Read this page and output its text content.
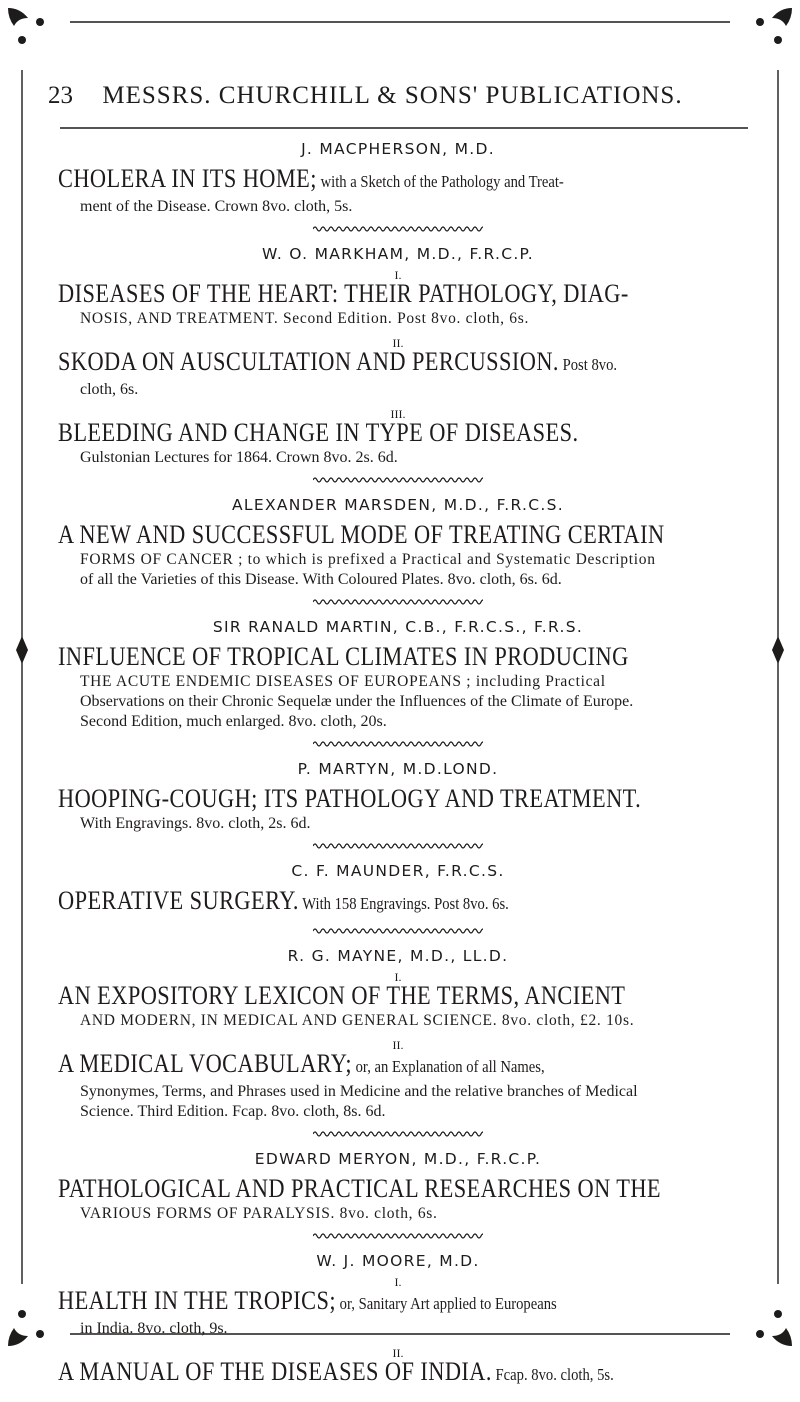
23	MESSRS. CHURCHILL & SONS' PUBLICATIONS.
J. MACPHERSON, M.D.
CHOLERA IN ITS HOME; with a Sketch of the Pathology and Treat-
ment of the Disease. Crown 8vo. cloth, 5s.
W. O. MARKHAM, M.D., F.R.C.P.
I.
DISEASES OF THE HEART: THEIR PATHOLOGY, DIAG-
NOSIS, AND TREATMENT. Second Edition. Post 8vo. cloth, 6s.
II.
SKODA ON AUSCULTATION AND PERCUSSION. Post 8vo.
cloth, 6s.
III.
BLEEDING AND CHANGE IN TYPE OF DISEASES.
Gulstonian Lectures for 1864. Crown 8vo. 2s. 6d.
ALEXANDER MARSDEN, M.D., F.R.C.S.
A NEW AND SUCCESSFUL MODE OF TREATING CERTAIN
FORMS OF CANCER ; to which is prefixed a Practical and Systematic Description
of all the Varieties of this Disease. With Coloured Plates. 8vo. cloth, 6s. 6d.
SIR RANALD MARTIN, C.B., F.R.C.S., F.R.S.
INFLUENCE OF TROPICAL CLIMATES IN PRODUCING
THE ACUTE ENDEMIC DISEASES OF EUROPEANS ; including Practical
Observations on their Chronic Sequelæ under the Influences of the Climate of Europe.
Second Edition, much enlarged. 8vo. cloth, 20s.
P. MARTYN, M.D.LOND.
HOOPING-COUGH; ITS PATHOLOGY AND TREATMENT.
With Engravings. 8vo. cloth, 2s. 6d.
C. F. MAUNDER, F.R.C.S.
OPERATIVE SURGERY. With 158 Engravings. Post 8vo. 6s.
R. G. MAYNE, M.D., LL.D.
I.
AN EXPOSITORY LEXICON OF THE TERMS, ANCIENT
AND MODERN, IN MEDICAL AND GENERAL SCIENCE. 8vo. cloth, £2. 10s.
II.
A MEDICAL VOCABULARY; or, an Explanation of all Names,
Synonymes, Terms, and Phrases used in Medicine and the relative branches of Medical
Science. Third Edition. Fcap. 8vo. cloth, 8s. 6d.
EDWARD MERYON, M.D., F.R.C.P.
PATHOLOGICAL AND PRACTICAL RESEARCHES ON THE
VARIOUS FORMS OF PARALYSIS. 8vo. cloth, 6s.
W. J. MOORE, M.D.
I.
HEALTH IN THE TROPICS; or, Sanitary Art applied to Europeans
in India. 8vo. cloth, 9s.
II.
A MANUAL OF THE DISEASES OF INDIA. Fcap. 8vo. cloth, 5s.
